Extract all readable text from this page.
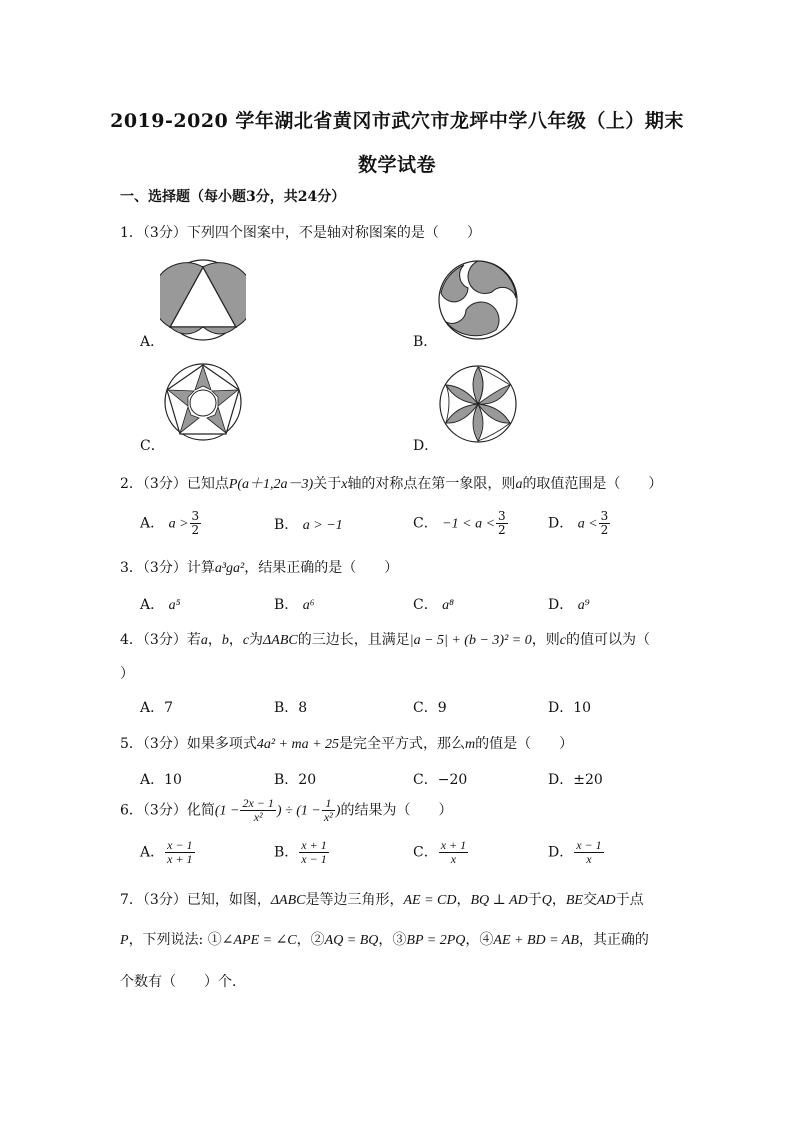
2019-2020 学年湖北省黄冈市武穴市龙坪中学八年级（上）期末
数学试卷
一、选择题（每小题3分，共24分）
1．（3分）下列四个图案中，不是轴对称图案的是（　　）
A．	B．
C．	D．
2．（3分）已知点P(a＋1,2a－3)关于x轴的对称点在第一象限，则a的取值范围是（　　）
A． $a > \frac{3}{2}$	B． a > −1	C． $-1 < a < \frac{3}{2}$	D． $a < \frac{3}{2}$
3．（3分）计算a³ga²，结果正确的是（　　）
A． a⁵	B． a⁶	C． a⁸	D． a⁹
4．（3分）若a，b，c为ΔABC的三边长，且满足|a − 5| + (b − 3)² = 0，则c的值可以为（
）
A．7	B．8	C．9	D．10
5．（3分）如果多项式4a² + ma + 25是完全平方式，那么m的值是（　　）
A．10	B．20	C．−20	D．±20
6．（3分）化简($1 - \frac{2x - 1}{\text{x²}}$ ) ÷ ($1 - \frac{1}{\text{x²}}$ )的结果为（　　）
A． $\frac{x - 1}{x + 1}$	B． $\frac{x + 1}{x - 1}$	C． $\frac{x + 1}{x}$	D． $\frac{x - 1}{x}$
7．（3分）已知，如图，ΔABC是等边三角形，AE = CD，BQ ⊥ AD于Q，BE交AD于点
P，下列说法: ①∠APE = ∠C，②AQ = BQ，③BP = 2PQ，④AE + BD = AB，其正确的
个数有（　　）个．
